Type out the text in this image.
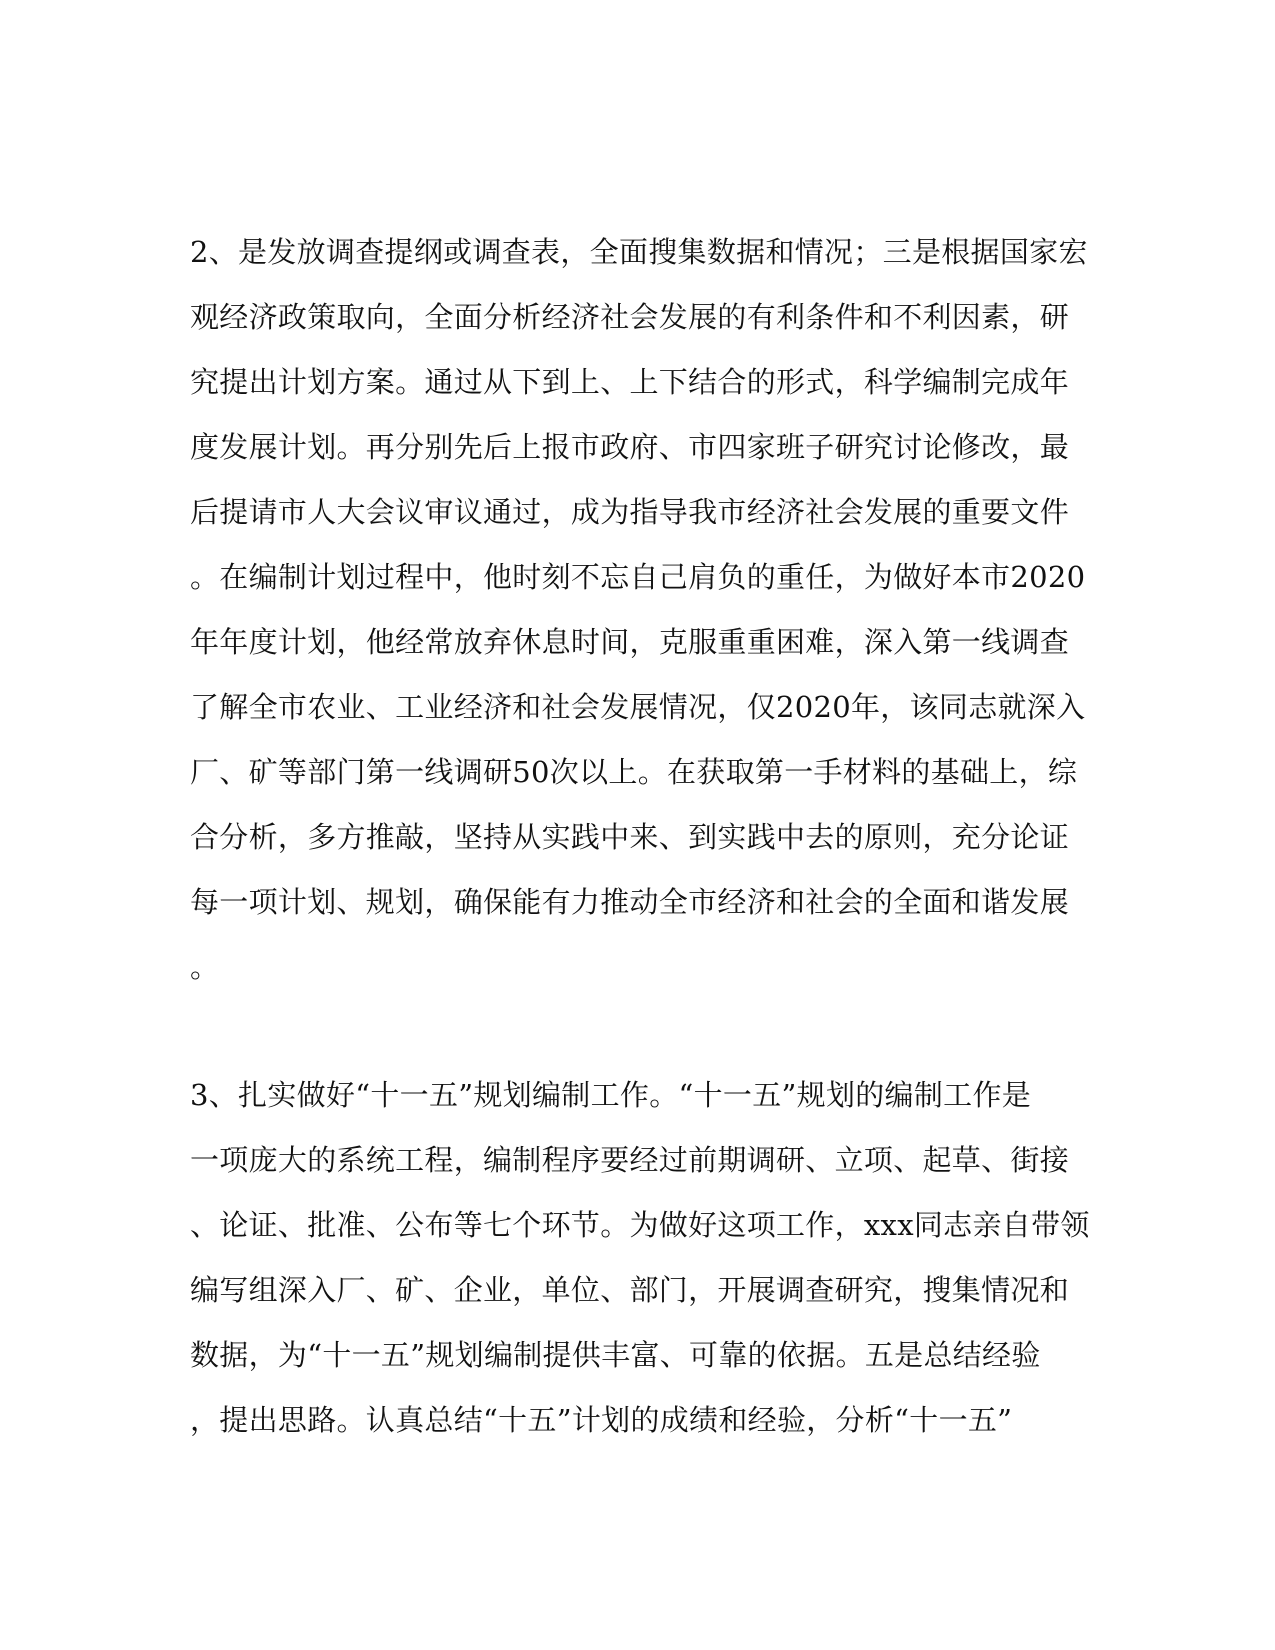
2、是发放调查提纲或调查表，全面搜集数据和情况；三是根据国家宏
观经济政策取向，全面分析经济社会发展的有利条件和不利因素，研
究提出计划方案。通过从下到上、上下结合的形式，科学编制完成年
度发展计划。再分别先后上报市政府、市四家班子研究讨论修改，最
后提请市人大会议审议通过，成为指导我市经济社会发展的重要文件
。在编制计划过程中，他时刻不忘自己肩负的重任，为做好本市2020
年年度计划，他经常放弃休息时间，克服重重困难，深入第一线调查
了解全市农业、工业经济和社会发展情况，仅2020年，该同志就深入
厂、矿等部门第一线调研50次以上。在获取第一手材料的基础上，综
合分析，多方推敲，坚持从实践中来、到实践中去的原则，充分论证
每一项计划、规划，确保能有力推动全市经济和社会的全面和谐发展
。
3、扎实做好“十一五”规划编制工作。“十一五”规划的编制工作是
一项庞大的系统工程，编制程序要经过前期调研、立项、起草、街接
、论证、批准、公布等七个环节。为做好这项工作，xxx同志亲自带领
编写组深入厂、矿、企业，单位、部门，开展调查研究，搜集情况和
数据，为“十一五”规划编制提供丰富、可靠的依据。五是总结经验
，提出思路。认真总结“十五”计划的成绩和经验，分析“十一五”
